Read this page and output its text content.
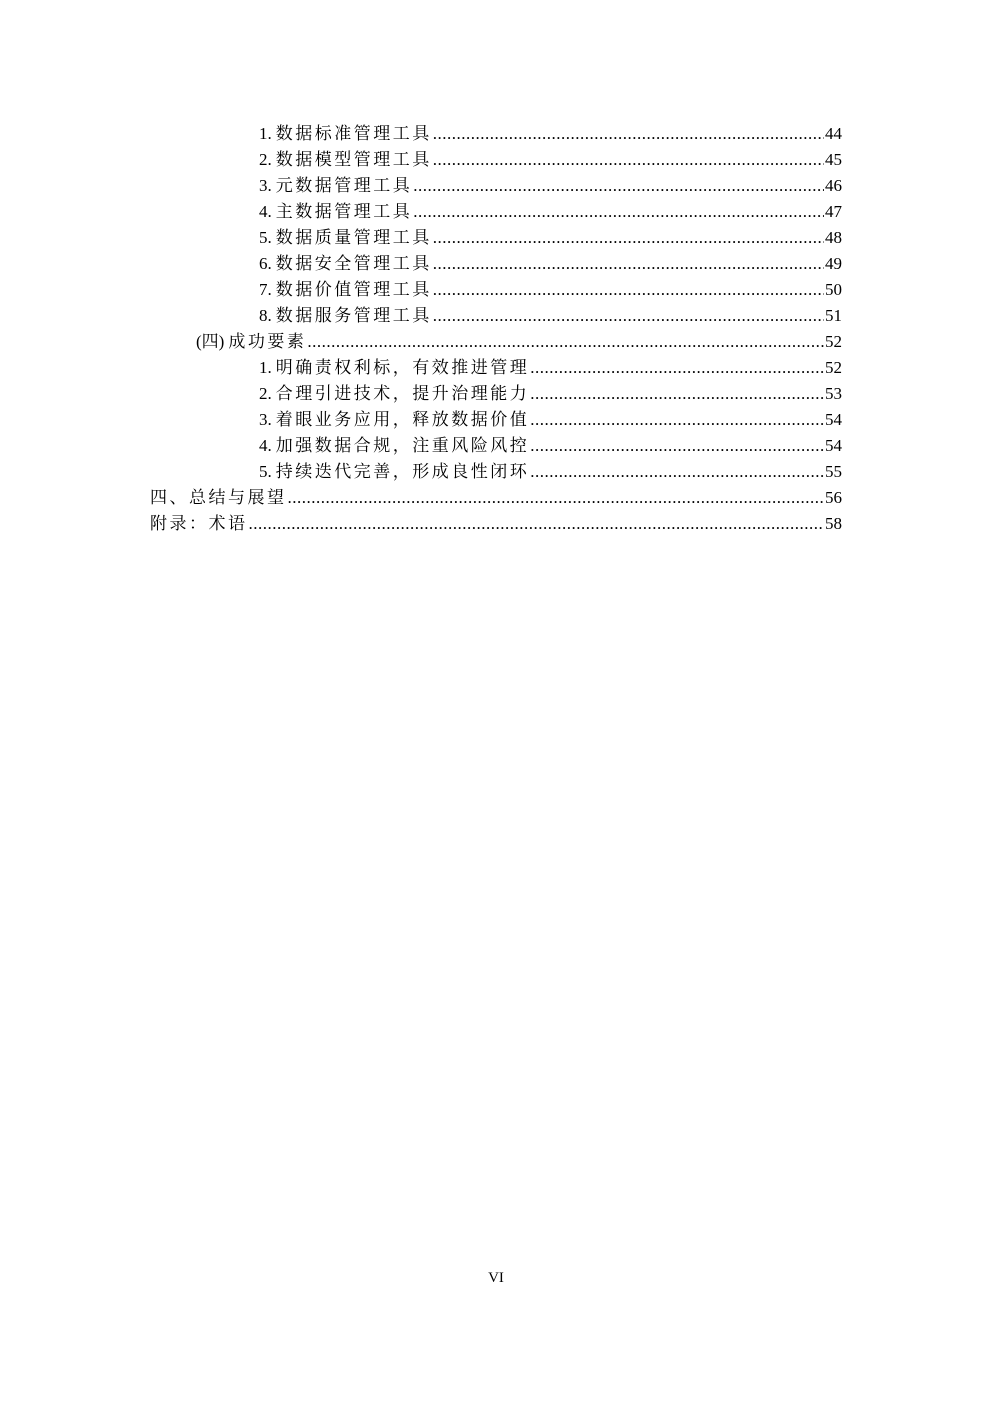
1. 数据标准管理工具 .....	44
2. 数据模型管理工具 .....	45
3. 元数据管理工具 .....	46
4. 主数据管理工具 .....	47
5. 数据质量管理工具 .....	48
6. 数据安全管理工具 .....	49
7. 数据价值管理工具 .....	50
8. 数据服务管理工具 .....	51
(四) 成功要素 .....	52
1. 明确责权利标，有效推进管理 .....	52
2. 合理引进技术，提升治理能力 .....	53
3. 着眼业务应用，释放数据价值 .....	54
4. 加强数据合规，注重风险风控 .....	54
5. 持续迭代完善，形成良性闭环 .....	55
四、总结与展望 .....	56
附录：术语 .....	58
VI
